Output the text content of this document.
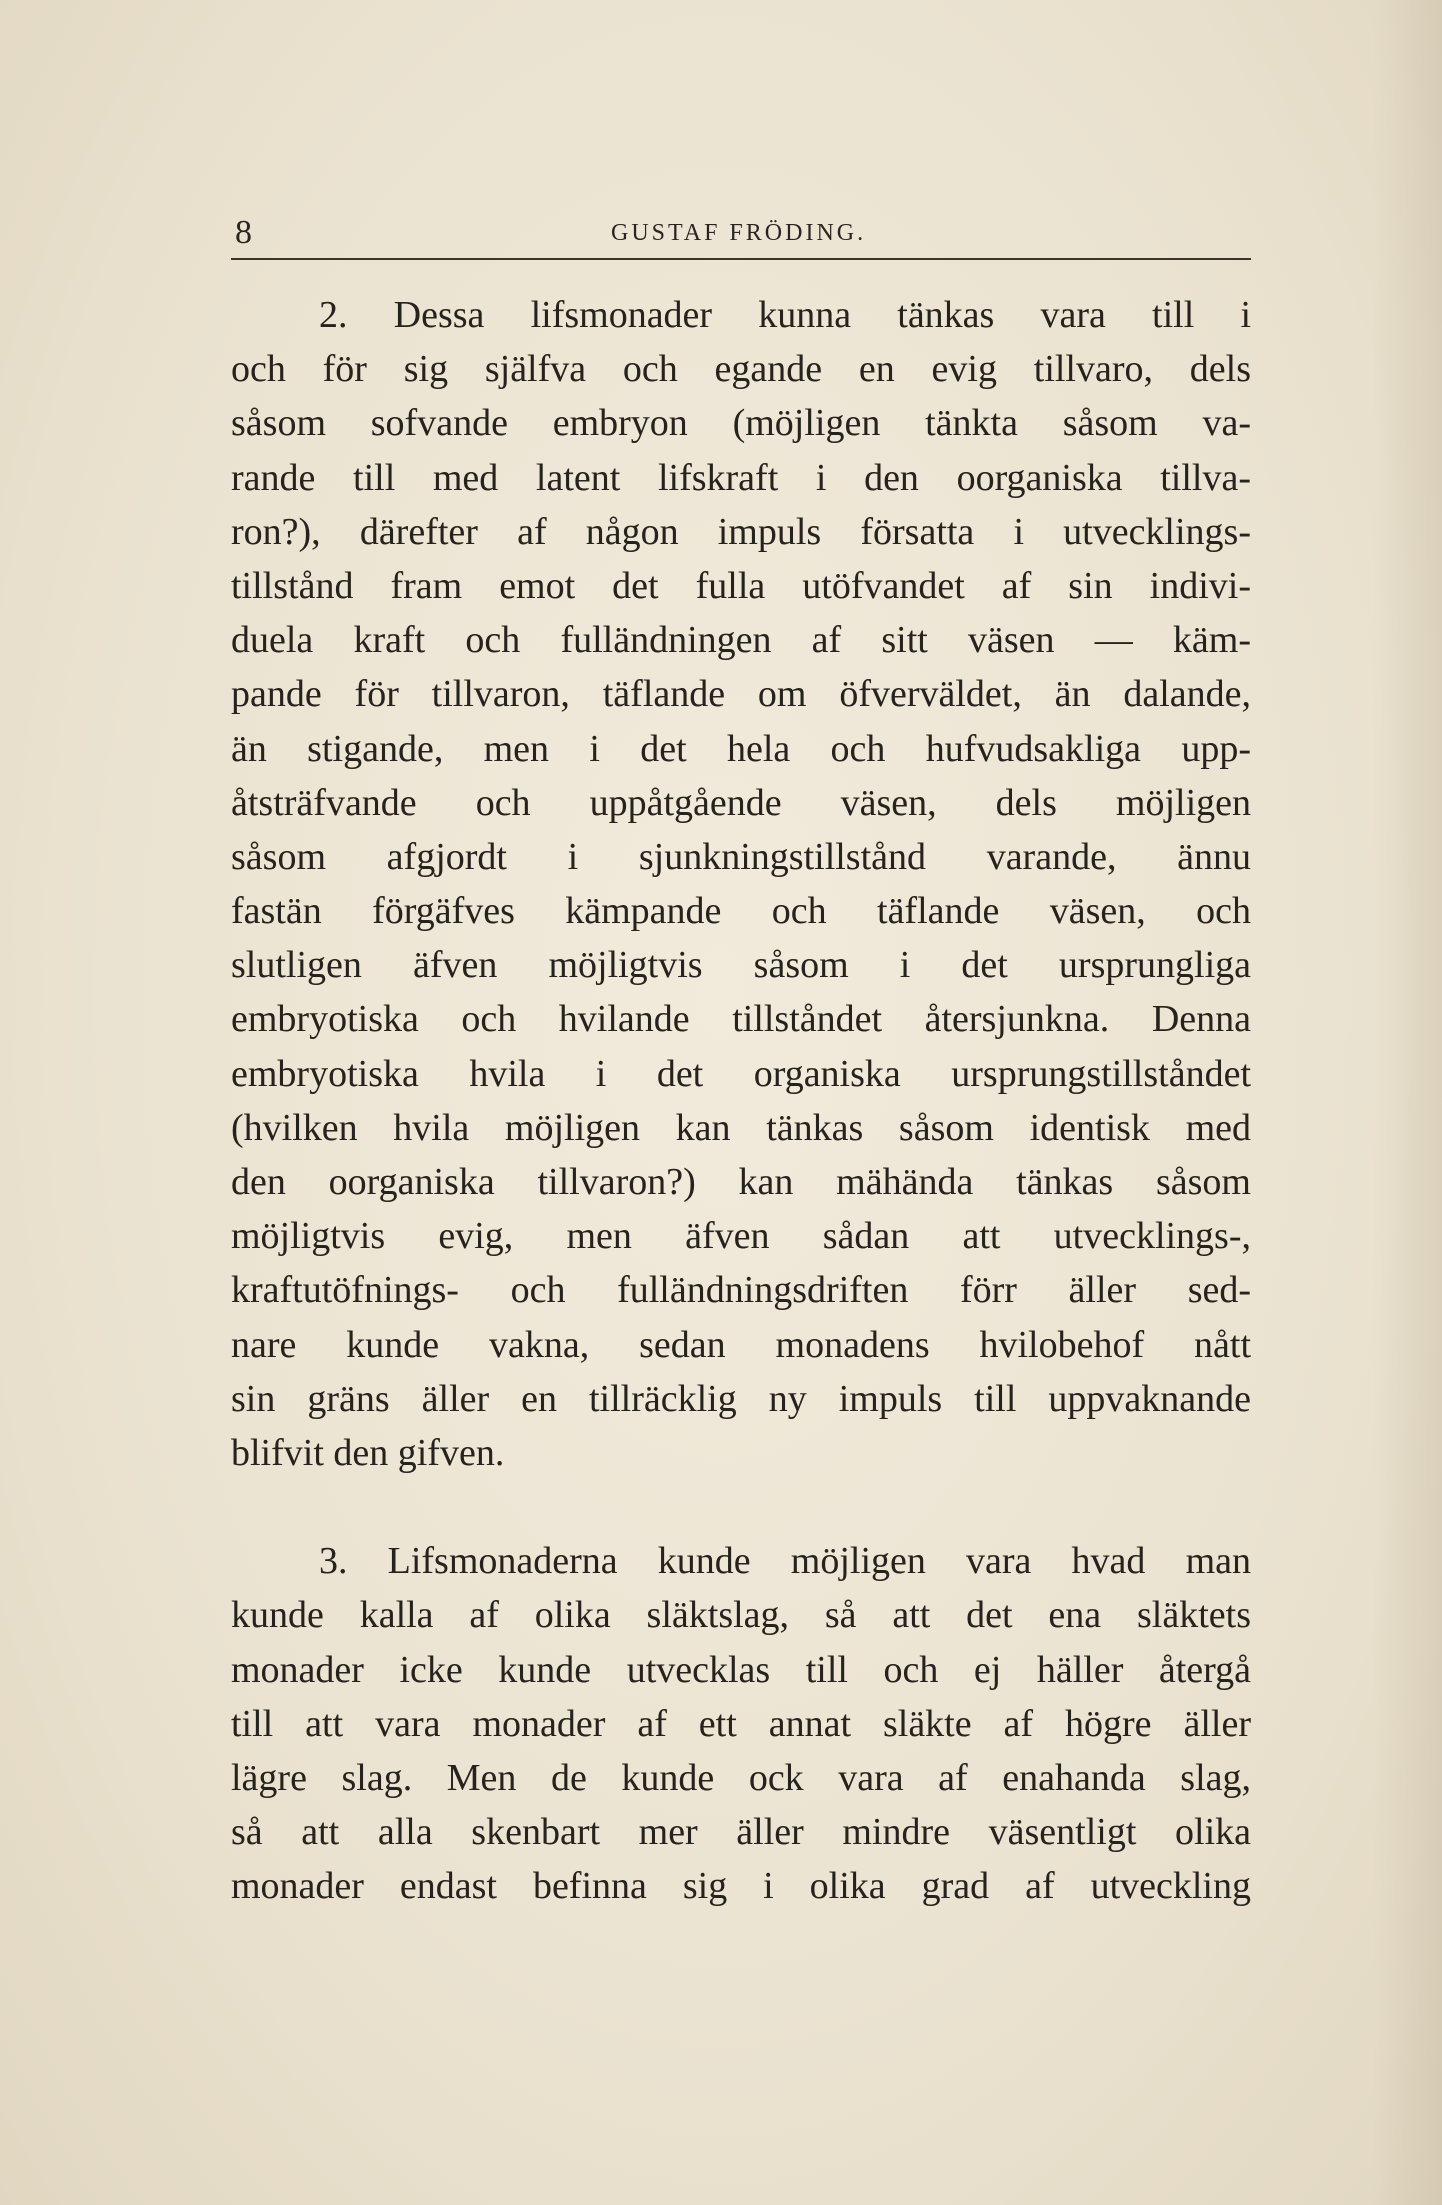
8	GUSTAF FRÖDING.
2. Dessa lifsmonader kunna tänkas vara till i
och för sig själfva och egande en evig tillvaro, dels
såsom sofvande embryon (möjligen tänkta såsom va-
rande till med latent lifskraft i den oorganiska tillva-
ron?), därefter af någon impuls försatta i utvecklings-
tillstånd fram emot det fulla utöfvandet af sin indivi-
duela kraft och fulländningen af sitt väsen — käm-
pande för tillvaron, täflande om öfverväldet, än dalande,
än stigande, men i det hela och hufvudsakliga upp-
åtsträfvande och uppåtgående väsen, dels möjligen
såsom afgjordt i sjunkningstillstånd varande, ännu
fastän förgäfves kämpande och täflande väsen, och
slutligen äfven möjligtvis såsom i det ursprungliga
embryotiska och hvilande tillståndet återsjunkna. Denna
embryotiska hvila i det organiska ursprungstillståndet
(hvilken hvila möjligen kan tänkas såsom identisk med
den oorganiska tillvaron?) kan mähända tänkas såsom
möjligtvis evig, men äfven sådan att utvecklings-,
kraftutöfnings- och fulländningsdriften förr äller sed-
nare kunde vakna, sedan monadens hvilobehof nått
sin gräns äller en tillräcklig ny impuls till uppvaknande
blifvit den gifven.
3. Lifsmonaderna kunde möjligen vara hvad man
kunde kalla af olika släktslag, så att det ena släktets
monader icke kunde utvecklas till och ej häller återgå
till att vara monader af ett annat släkte af högre äller
lägre slag. Men de kunde ock vara af enahanda slag,
så att alla skenbart mer äller mindre väsentligt olika
monader endast befinna sig i olika grad af utveckling
